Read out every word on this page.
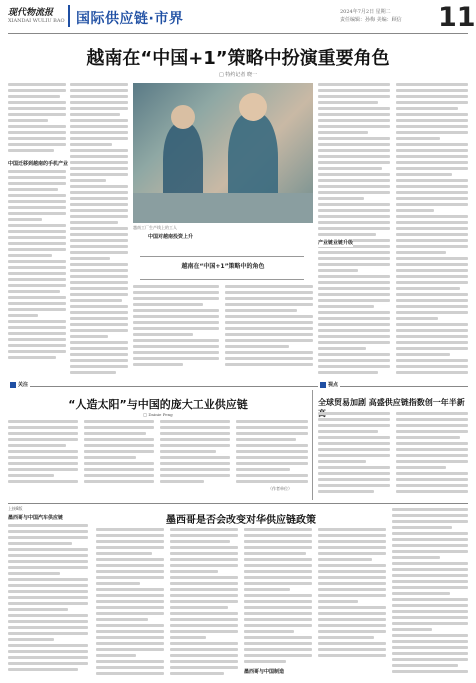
现代物流报
XIANDAI WULIU BAO 国际供应链·市界	2024年7月2日 星期二
责任编辑：孙梅 美编：顾信 11
越南在“中国+1”策略中扮演重要角色
□ 特约记者 晓一
中国迁移到越南的手机产业
越南工厂生产线上的工人
中国对越南投资上升
越南在“中国+1”策略中的角色
产业链业链升级
关注	视点
“人造太阳”与中国的庞大工业供应链
□ Dainie Peng
（作者单位）
全球贸易加剧 高盛供应链指数创一年半新
上接8版
墨西哥与中国汽车供应链	墨西哥是否会改变对华供应链政策
墨西哥与中国制造
